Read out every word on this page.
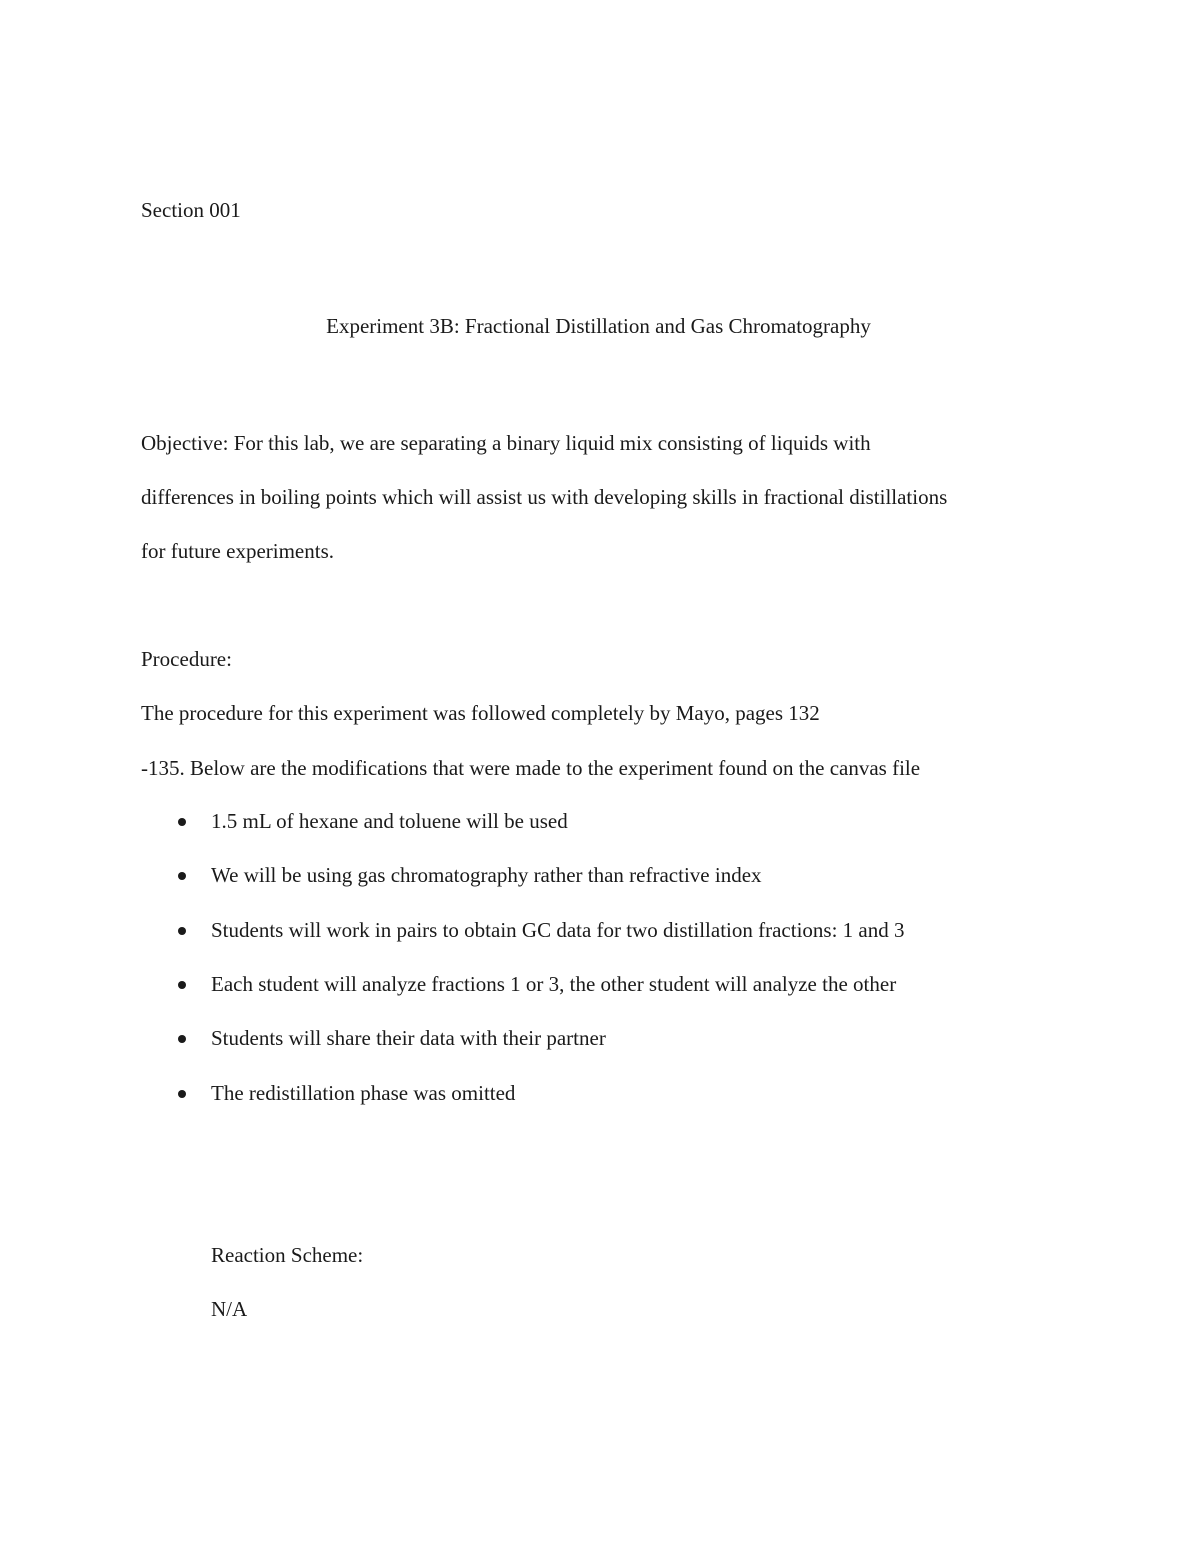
Section 001
Experiment 3B: Fractional Distillation and Gas Chromatography
Objective: For this lab, we are separating a binary liquid mix consisting of liquids with
differences in boiling points which will assist us with developing skills in fractional distillations
for future experiments.
Procedure:
The procedure for this experiment was followed completely by Mayo, pages 132
-135. Below are the modifications that were made to the experiment found on the canvas file
1.5 mL of hexane and toluene will be used
We will be using gas chromatography rather than refractive index
Students will work in pairs to obtain GC data for two distillation fractions: 1 and 3
Each student will analyze fractions 1 or 3, the other student will analyze the other
Students will share their data with their partner
The redistillation phase was omitted
Reaction Scheme:
N/A
